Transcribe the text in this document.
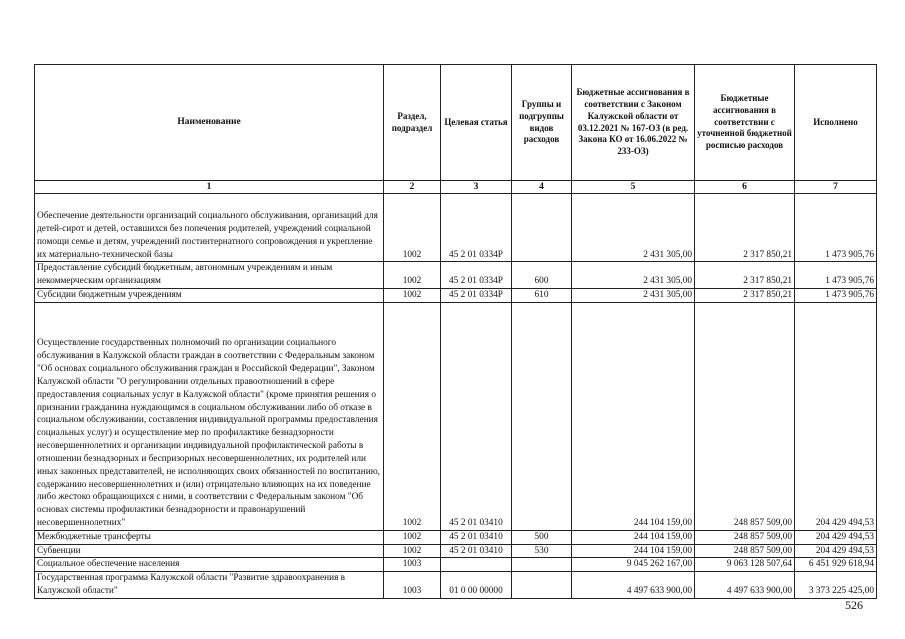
Наименование	Раздел, подраздел	Целевая статья	Группы и подгруппы видов расходов	Бюджетные ассигнования в соответствии с Законом Калужской области от 03.12.2021 № 167-ОЗ (в ред. Закона КО от 16.06.2022 № 233-ОЗ)	Бюджетные ассигнования в соответствии с уточненной бюджетной росписью расходов	Исполнено
1	2	3	4	5	6	7
Обеспечение деятельности организаций социального обслуживания, организаций для детей-сирот и детей, оставшихся без попечения родителей, учреждений социальной помощи семье и детям, учреждений постинтернатного сопровождения и укрепление их материально-технической базы	1002	45 2 01 0334Р		2 431 305,00	2 317 850,21	1 473 905,76
Предоставление субсидий бюджетным, автономным учреждениям и иным некоммерческим организациям	1002	45 2 01 0334Р	600	2 431 305,00	2 317 850,21	1 473 905,76
Субсидии бюджетным учреждениям	1002	45 2 01 0334Р	610	2 431 305,00	2 317 850,21	1 473 905,76
Осуществление государственных полномочий по организации социального обслуживания в Калужской области граждан в соответствии с Федеральным законом "Об основах социального обслуживания граждан в Российской Федерации", Законом Калужской области "О регулировании отдельных правоотношений в сфере предоставления социальных услуг в Калужской области" (кроме принятия решения о признании гражданина нуждающимся в социальном обслуживании либо об отказе в социальном обслуживании, составления индивидуальной программы предоставления социальных услуг) и осуществление мер по профилактике безнадзорности несовершеннолетних и организации индивидуальной профилактической работы в отношении безнадзорных и беспризорных несовершеннолетних, их родителей или иных законных представителей, не исполняющих своих обязанностей по воспитанию, содержанию несовершеннолетних и (или) отрицательно влияющих на их поведение либо жестоко обращающихся с ними, в соответствии с Федеральным законом "Об основах системы профилактики безнадзорности и правонарушений несовершеннолетних"	1002	45 2 01 03410		244 104 159,00	248 857 509,00	204 429 494,53
Межбюджетные трансферты	1002	45 2 01 03410	500	244 104 159,00	248 857 509,00	204 429 494,53
Субвенции	1002	45 2 01 03410	530	244 104 159,00	248 857 509,00	204 429 494,53
Социальное обеспечение населения	1003			9 045 262 167,00	9 063 128 507,64	6 451 929 618,94
Государственная программа Калужской области "Развитие здравоохранения в Калужской области"	1003	01 0 00 00000		4 497 633 900,00	4 497 633 900,00	3 373 225 425,00
526
